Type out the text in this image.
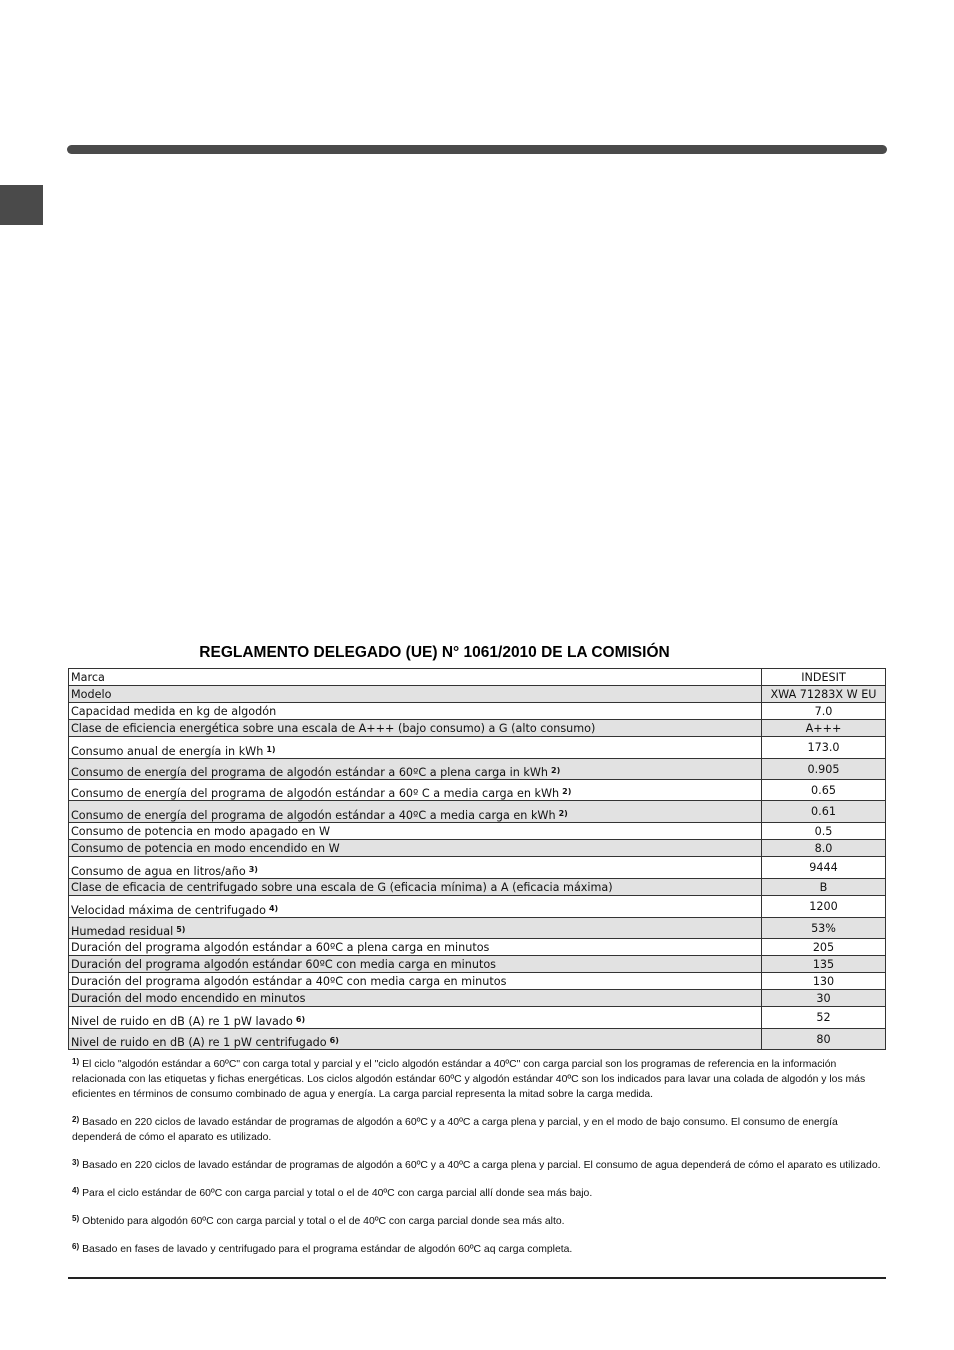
REGLAMENTO DELEGADO (UE) N° 1061/2010 DE LA COMISIÓN
Marca	INDESIT
Modelo	XWA 71283X W EU
Capacidad medida en kg de algodón	7.0
Clase de eficiencia energética sobre una escala de A+++ (bajo consumo) a G (alto consumo)	A+++
Consumo anual de energía in kWh $^{1)}$	173.0
Consumo de energía del programa de algodón estándar a 60ºC a plena carga in kWh $^{2)}$	0.905
Consumo de energía del programa de algodón estándar a 60º C a media carga en kWh $^{2)}$	0.65
Consumo de energía del programa de algodón estándar a 40ºC a media carga en kWh $^{2)}$	0.61
Consumo de potencia en modo apagado en W	0.5
Consumo de potencia en modo encendido en W	8.0
Consumo de agua en litros/año $^{3)}$	9444
Clase de eficacia de centrifugado sobre una escala de G (eficacia mínima) a A (eficacia máxima)	B
Velocidad máxima de centrifugado $^{4)}$	1200
Humedad residual $^{5)}$	53%
Duración del programa algodón estándar a 60ºC a plena carga en minutos	205
Duración del programa algodón estándar 60ºC con media carga en minutos	135
Duración del programa algodón estándar a 40ºC con media carga en minutos	130
Duración del modo encendido en minutos	30
Nivel de ruido en dB (A) re 1 pW lavado $^{6)}$	52
Nivel de ruido en dB (A) re 1 pW centrifugado $^{6)}$	80
$^{1)}$ El ciclo "algodón estándar a 60ºC" con carga total y parcial y el "ciclo algodón estándar a 40ºC" con carga parcial son los programas de referencia en la información relacionada con las etiquetas y fichas energéticas. Los ciclos algodón estándar 60ºC y algodón estándar 40ºC son los indicados para lavar una colada de algodón y los más eficientes en términos de consumo combinado de agua y energía. La carga parcial representa la mitad sobre la carga medida.
$^{2)}$ Basado en 220 ciclos de lavado estándar de programas de algodón a 60ºC y a 40ºC a carga plena y parcial, y en el modo de bajo consumo. El consumo de energía dependerá de cómo el aparato es utilizado.
$^{3)}$ Basado en 220 ciclos de lavado estándar de programas de algodón a 60ºC y a 40ºC a carga plena y parcial. El consumo de agua dependerá de cómo el aparato es utilizado.
$^{4)}$ Para el ciclo estándar de 60ºC con carga parcial y total o el de 40ºC con carga parcial allí donde sea más bajo.
$^{5)}$ Obtenido para algodón 60ºC con carga parcial y total o el de 40ºC con carga parcial donde sea más alto.
$^{6)}$ Basado en fases de lavado y centrifugado para el programa estándar de algodón 60ºC aq carga completa.
